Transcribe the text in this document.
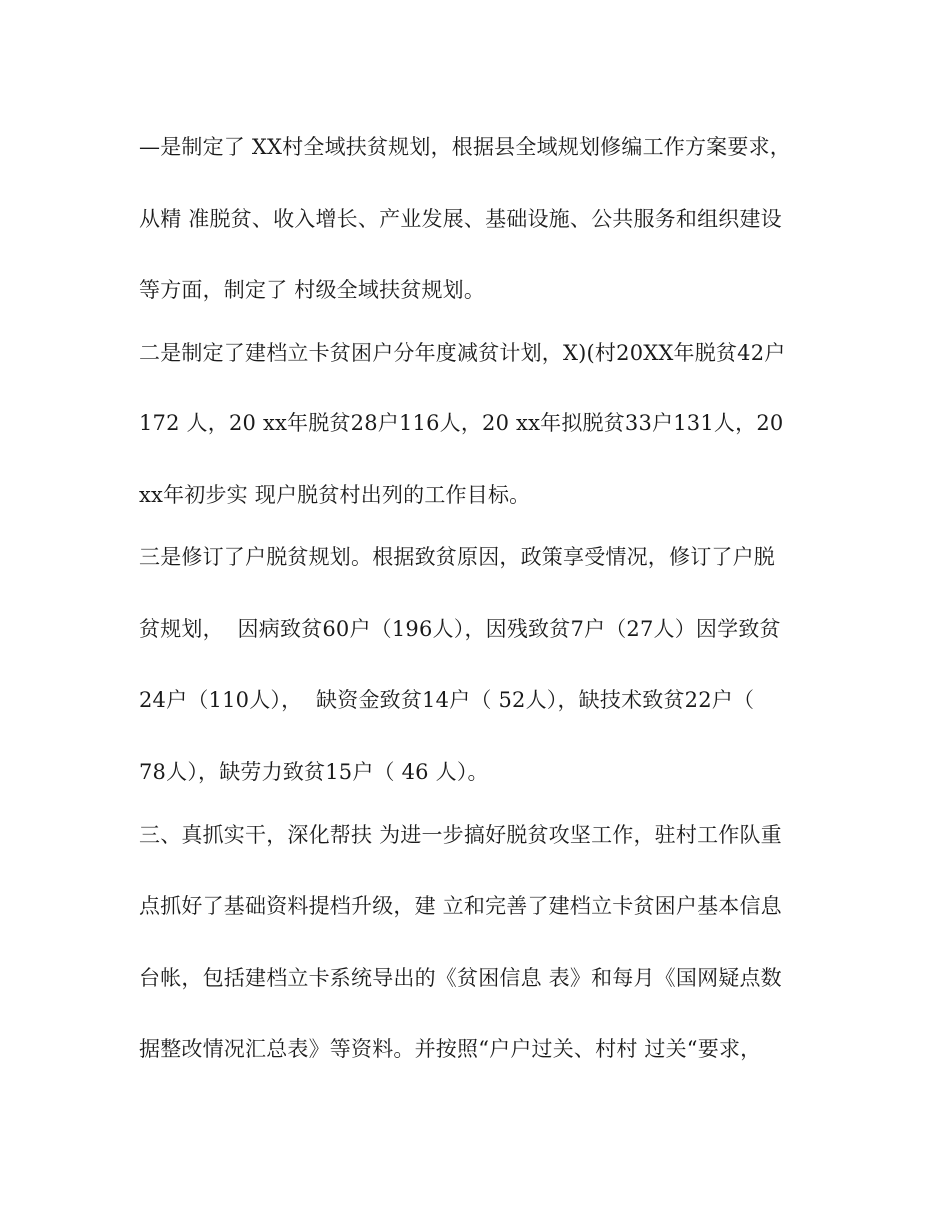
—是制定了 XX村全域扶贫规划，根据县全域规划修编工作方案要求，
从精 准脱贫、收入增长、产业发展、基础设施、公共服务和组织建设
等方面，制定了 村级全域扶贫规划。
二是制定了建档立卡贫困户分年度减贫计划，X)(村20XX年脱贫42户
172 人，20 xx年脱贫28户116人，20 xx年拟脱贫33户131人，20
xx年初步实 现户脱贫村出列的工作目标。
三是修订了户脱贫规划。根据致贫原因，政策享受情况，修订了户脱
贫规划，  因病致贫60户（196人），因残致贫7户（27人）因学致贫
24户（110人），  缺资金致贫14户（ 52人），缺技术致贫22户（
78人），缺劳力致贫15户（ 46 人）。
三、真抓实干，深化帮扶 为进一步搞好脱贫攻坚工作，驻村工作队重
点抓好了基础资料提档升级，建 立和完善了建档立卡贫困户基本信息
台帐，包括建档立卡系统导出的《贫困信息 表》和每月《国网疑点数
据整改情况汇总表》等资料。并按照“户户过关、村村 过关“要求，
